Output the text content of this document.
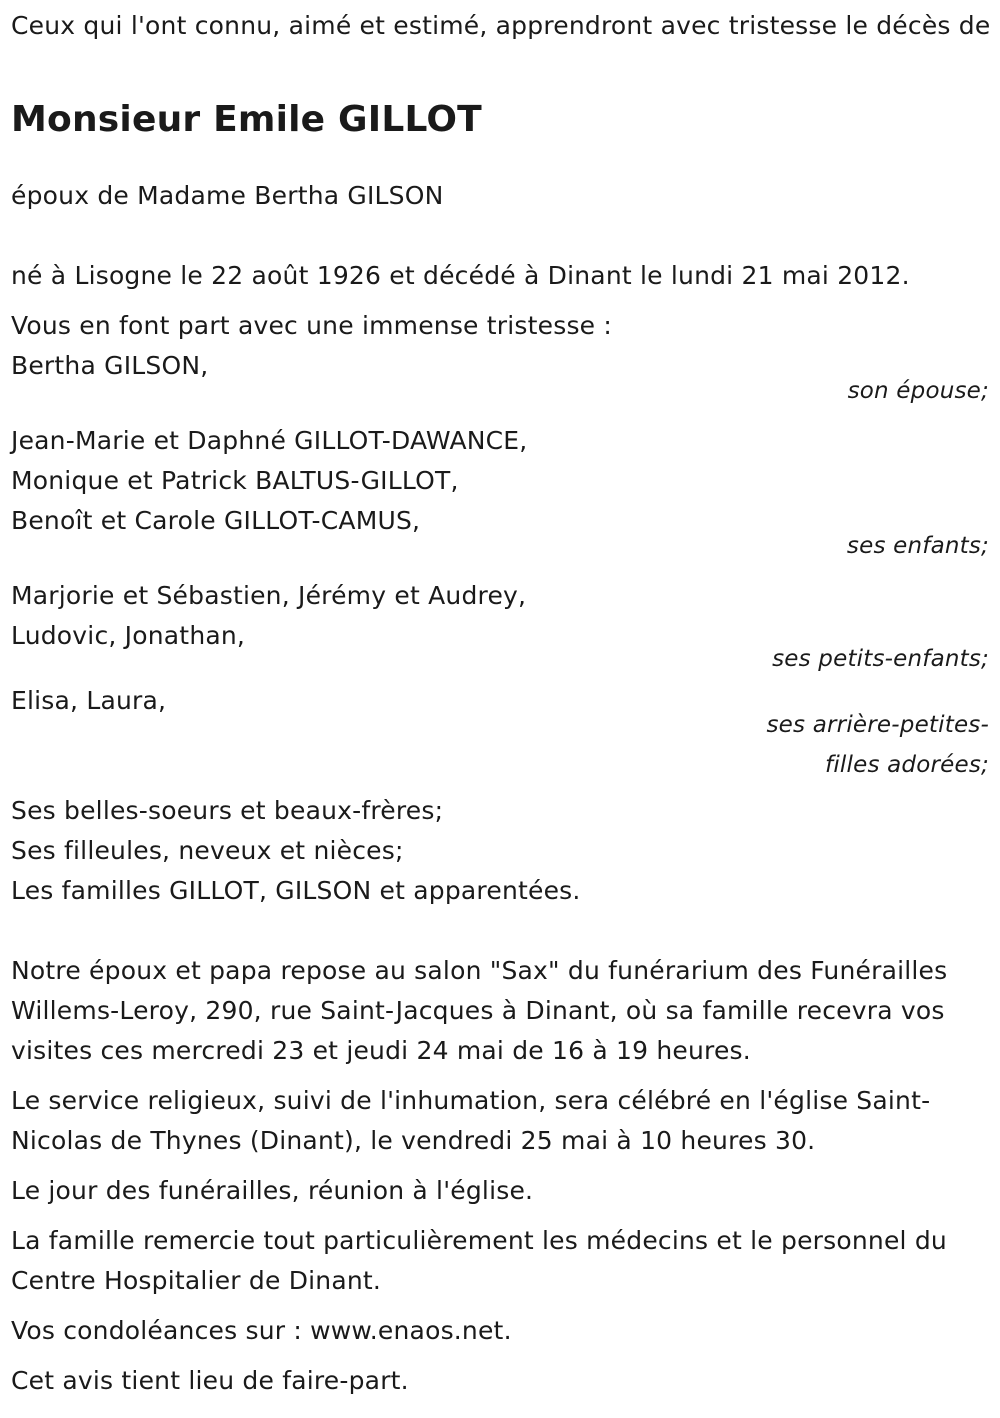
Ceux qui l'ont connu, aimé et estimé, apprendront avec tristesse le décès de
Monsieur Emile GILLOT
époux de Madame Bertha GILSON
né à Lisogne le 22 août 1926 et décédé à Dinant le lundi 21 mai 2012.
Vous en font part avec une immense tristesse :
Bertha GILSON,
son épouse;
Jean-Marie et Daphné GILLOT-DAWANCE,
Monique et Patrick BALTUS-GILLOT,
Benoît et Carole GILLOT-CAMUS,
ses enfants;
Marjorie et Sébastien, Jérémy et Audrey,
Ludovic, Jonathan,
ses petits-enfants;
Elisa, Laura,
ses arrière-petites-
filles adorées;
Ses belles-soeurs et beaux-frères;
Ses filleules, neveux et nièces;
Les familles GILLOT, GILSON et apparentées.
Notre époux et papa repose au salon "Sax" du funérarium des Funérailles Willems-Leroy, 290, rue Saint-Jacques à Dinant, où sa famille recevra vos visites ces mercredi 23 et jeudi 24 mai de 16 à 19 heures.
Le service religieux, suivi de l'inhumation, sera célébré en l'église Saint-Nicolas de Thynes (Dinant), le vendredi 25 mai à 10 heures 30.
Le jour des funérailles, réunion à l'église.
La famille remercie tout particulièrement les médecins et le personnel du Centre Hospitalier de Dinant.
Vos condoléances sur : www.enaos.net.
Cet avis tient lieu de faire-part.
